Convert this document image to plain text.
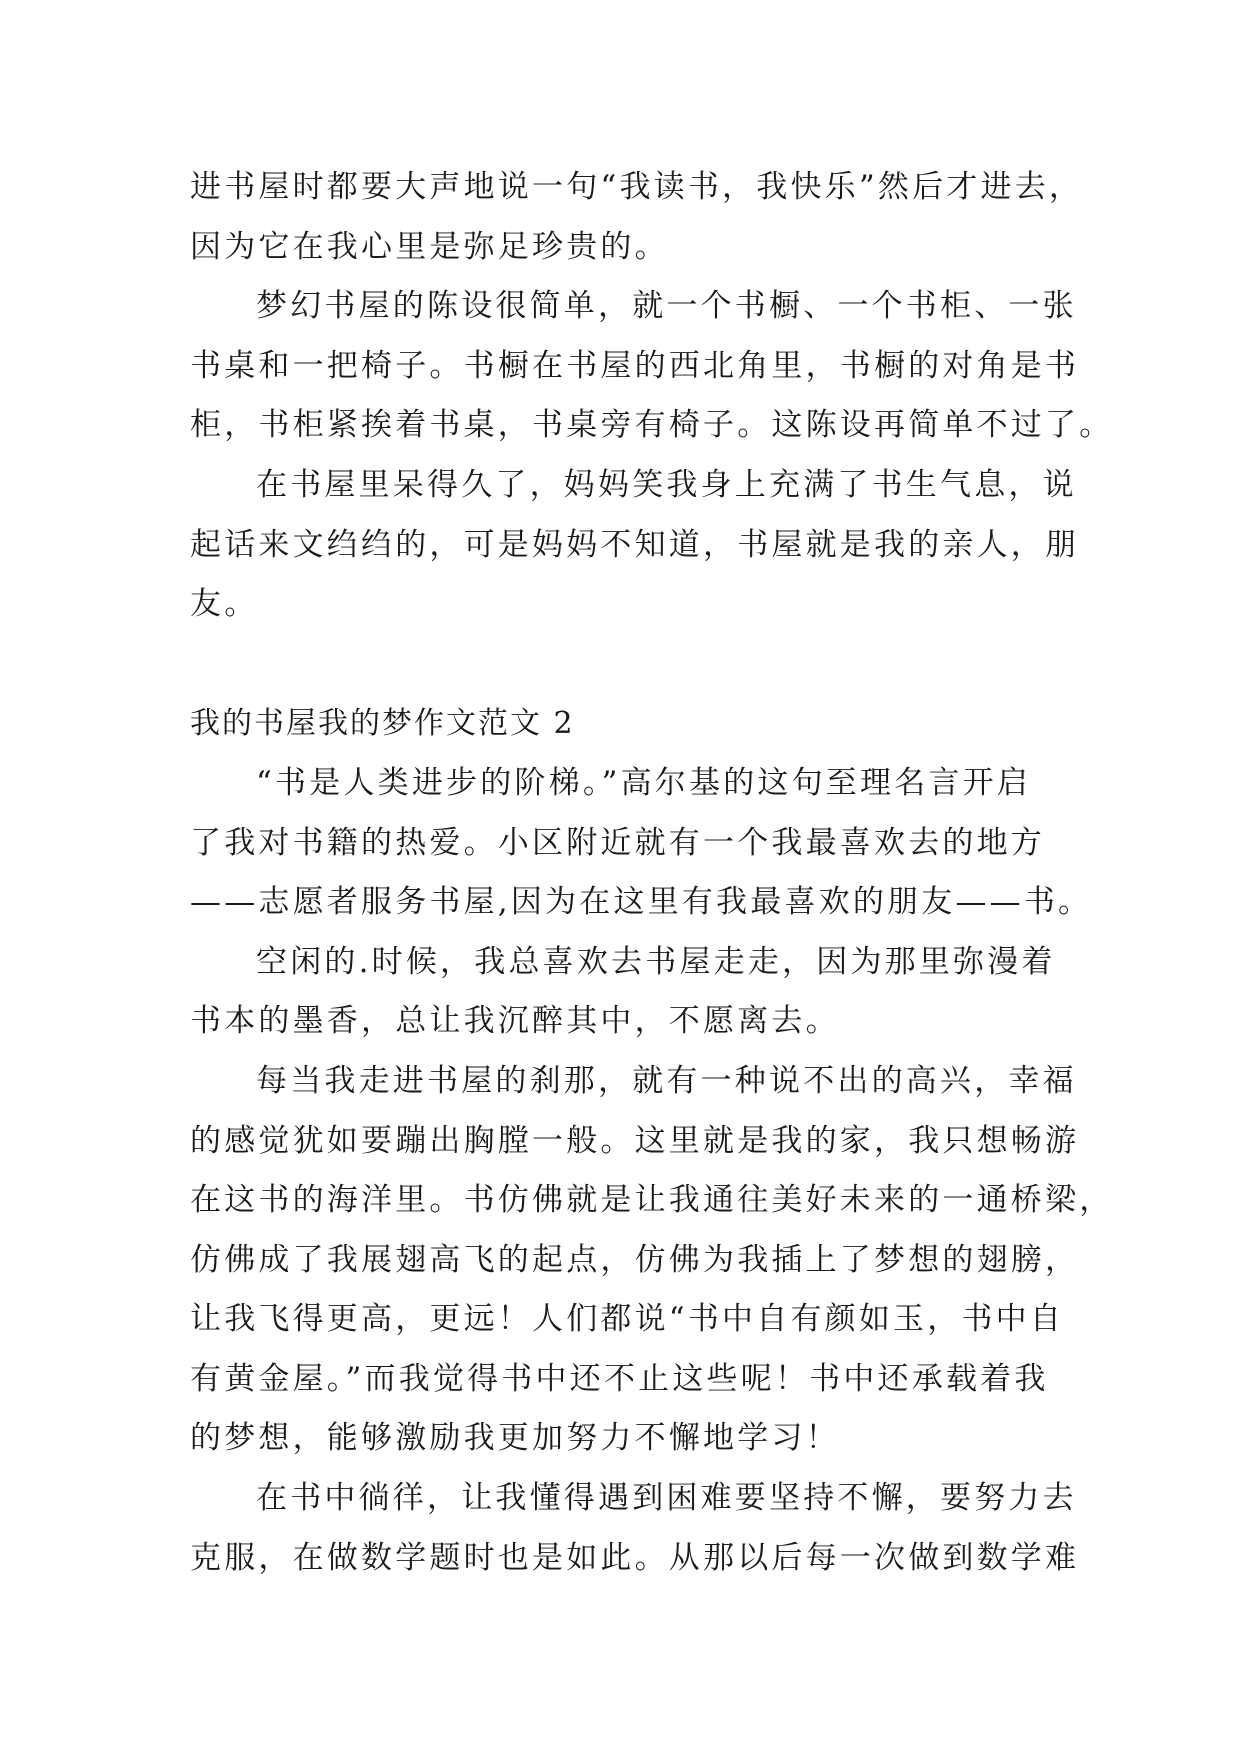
进书屋时都要大声地说一句“我读书，我快乐”然后才进去，
因为它在我心里是弥足珍贵的。
梦幻书屋的陈设很简单，就一个书橱、一个书柜、一张
书桌和一把椅子。书橱在书屋的西北角里，书橱的对角是书
柜，书柜紧挨着书桌，书桌旁有椅子。这陈设再简单不过了。
在书屋里呆得久了，妈妈笑我身上充满了书生气息，说
起话来文绉绉的，可是妈妈不知道，书屋就是我的亲人，朋
友。
我的书屋我的梦作文范文 2
“书是人类进步的阶梯。”高尔基的这句至理名言开启
了我对书籍的热爱。小区附近就有一个我最喜欢去的地方
——志愿者服务书屋,因为在这里有我最喜欢的朋友——书。
空闲的.时候，我总喜欢去书屋走走，因为那里弥漫着
书本的墨香，总让我沉醉其中，不愿离去。
每当我走进书屋的刹那，就有一种说不出的高兴，幸福
的感觉犹如要蹦出胸膛一般。这里就是我的家，我只想畅游
在这书的海洋里。书仿佛就是让我通往美好未来的一通桥梁，
仿佛成了我展翅高飞的起点，仿佛为我插上了梦想的翅膀，
让我飞得更高，更远！人们都说“书中自有颜如玉，书中自
有黄金屋。”而我觉得书中还不止这些呢！书中还承载着我
的梦想，能够激励我更加努力不懈地学习！
在书中徜徉，让我懂得遇到困难要坚持不懈，要努力去
克服，在做数学题时也是如此。从那以后每一次做到数学难
